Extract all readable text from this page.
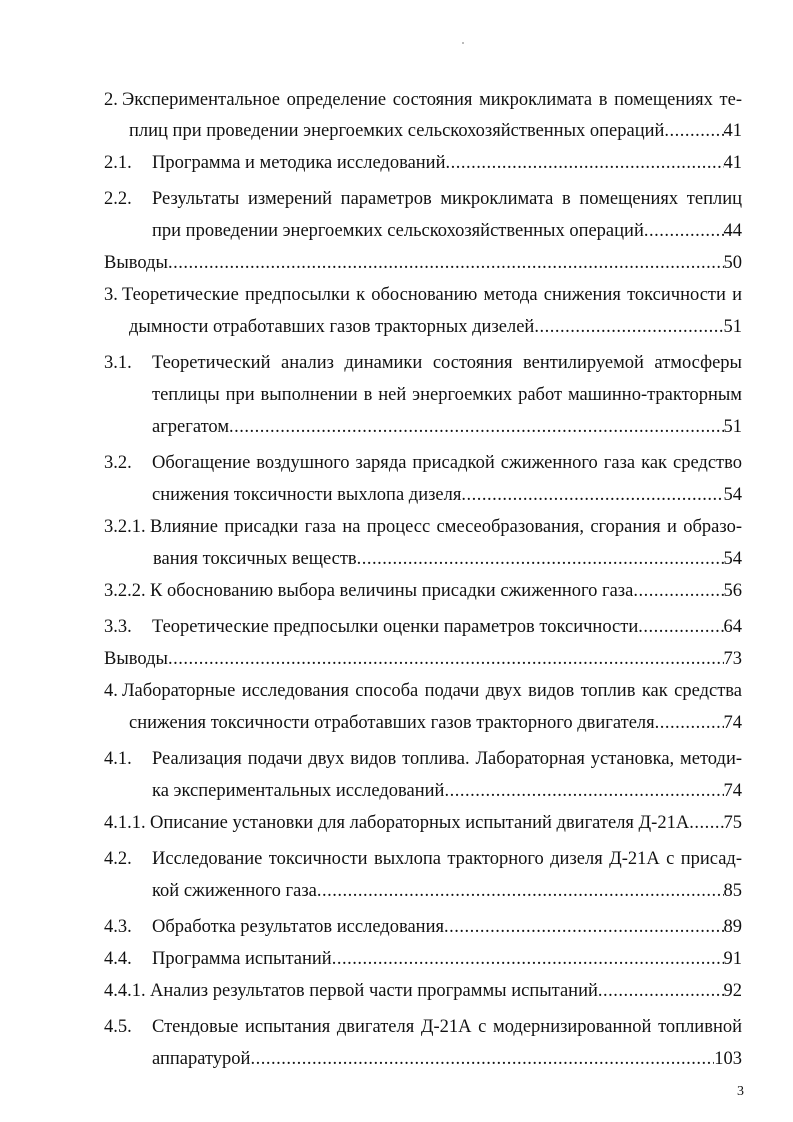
2. Экспериментальное определение состояния микроклимата в помещениях те-
плиц при проведении энергоемких сельскохозяйственных операций .....	41
2.1. Программа и методика исследований .....	41
2.2. Результаты измерений параметров микроклимата в помещениях теплиц
при проведении энергоемких сельскохозяйственных операций .....	44
Выводы .....	50
3. Теоретические предпосылки к обоснованию метода снижения токсичности и
дымности отработавших газов тракторных дизелей .....	51
3.1. Теоретический анализ динамики состояния вентилируемой атмосферы
теплицы при выполнении в ней энергоемких работ машинно-тракторным
агрегатом .....	51
3.2. Обогащение воздушного заряда присадкой сжиженного газа как средство
снижения токсичности выхлопа дизеля .....	54
3.2.1. Влияние присадки газа на процесс смесеобразования, сгорания и образо-
вания токсичных веществ .....	54
3.2.2. К обоснованию выбора величины присадки сжиженного газа .....	56
3.3. Теоретические предпосылки оценки параметров токсичности .....	64
Выводы .....	73
4. Лабораторные исследования способа подачи двух видов топлив как средства
снижения токсичности отработавших газов тракторного двигателя .....	74
4.1. Реализация подачи двух видов топлива. Лабораторная установка, методи-
ка экспериментальных исследований .....	74
4.1.1. Описание установки для лабораторных испытаний двигателя Д-21А ..... 75
4.2. Исследование токсичности выхлопа тракторного дизеля Д-21А с присад-
кой сжиженного газа .....	85
4.3. Обработка результатов исследования .....	89
4.4. Программа испытаний .....	91
4.4.1. Анализ результатов первой части программы испытаний .....	92
4.5. Стендовые испытания двигателя Д-21А с модернизированной топливной
аппаратурой .....	103
3
